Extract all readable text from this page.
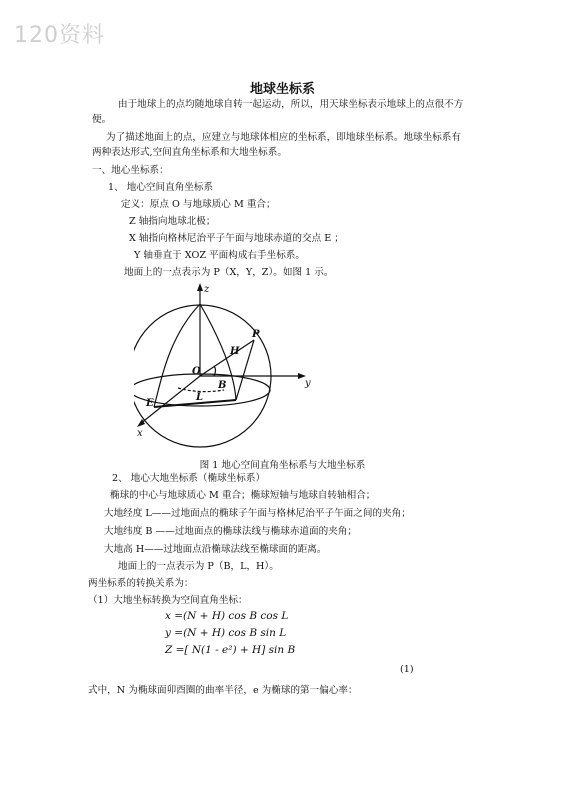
120资料
地球坐标系
由于地球上的点均随地球自转一起运动，所以，用天球坐标表示地球上的点很不方
便。
为了描述地面上的点，应建立与地球体相应的坐标系，即地球坐标系。地球坐标系有
两种表达形式,空间直角坐标系和大地坐标系。
一、地心坐标系：
1、 地心空间直角坐标系
定义：原点 O 与地球质心 M 重合；
Z 轴指向地球北极；
X 轴指向格林尼治平子午面与地球赤道的交点 E ；
Y 轴垂直于 XOZ 平面构成右手坐标系。
地面上的一点表示为 P（X，Y，Z）。如图 1 示。
z
y
x
O
B
H
P
E
L
图 1 地心空间直角坐标系与大地坐标系
2、 地心大地坐标系（椭球坐标系）
椭球的中心与地球质心 M 重合；椭球短轴与地球自转轴相合；
大地经度 L——过地面点的椭球子午面与格林尼治平子午面之间的夹角；
大地纬度 B ——过地面点的椭球法线与椭球赤道面的夹角；
大地高 H——过地面点沿椭球法线至椭球面的距离。
地面上的一点表示为 P（B，L，H）。
两坐标系的转换关系为：
（1）大地坐标转换为空间直角坐标：
x =(N + H) cos B cos L
y =(N + H) cos B sin L
Z =[ N(1 - e²) + H] sin B
(1)
式中，N 为椭球面卯酉圈的曲率半径，e 为椭球的第一偏心率：
